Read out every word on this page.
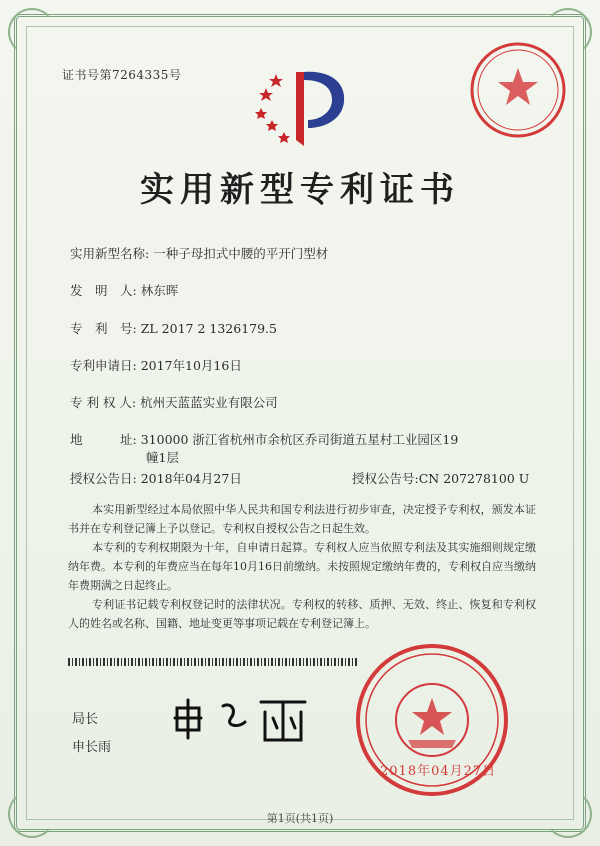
证书号第7264335号
实用新型专利证书
实用新型名称: 一种子母扣式中腰的平开门型材
发　明　人: 林东晖
专　利　号: ZL 2017 2 1326179.5
专利申请日: 2017年10月16日
专 利 权 人: 杭州天蓝蓝实业有限公司
地　　　址: 310000 浙江省杭州市余杭区乔司街道五星村工业园区19
幢1层
授权公告日: 2018年04月27日	授权公告号:CN 207278100 U
本实用新型经过本局依照中华人民共和国专利法进行初步审查，决定授予专利权，颁发本证书并在专利登记簿上予以登记。专利权自授权公告之日起生效。
本专利的专利权期限为十年，自申请日起算。专利权人应当依照专利法及其实施细则规定缴纳年费。本专利的年费应当在每年10月16日前缴纳。未按照规定缴纳年费的，专利权自应当缴纳年费期满之日起终止。
专利证书记载专利权登记时的法律状况。专利权的转移、质押、无效、终止、恢复和专利权人的姓名或名称、国籍、地址变更等事项记载在专利登记簿上。
局长
申长雨
2018年04月27日
第1页(共1页)
